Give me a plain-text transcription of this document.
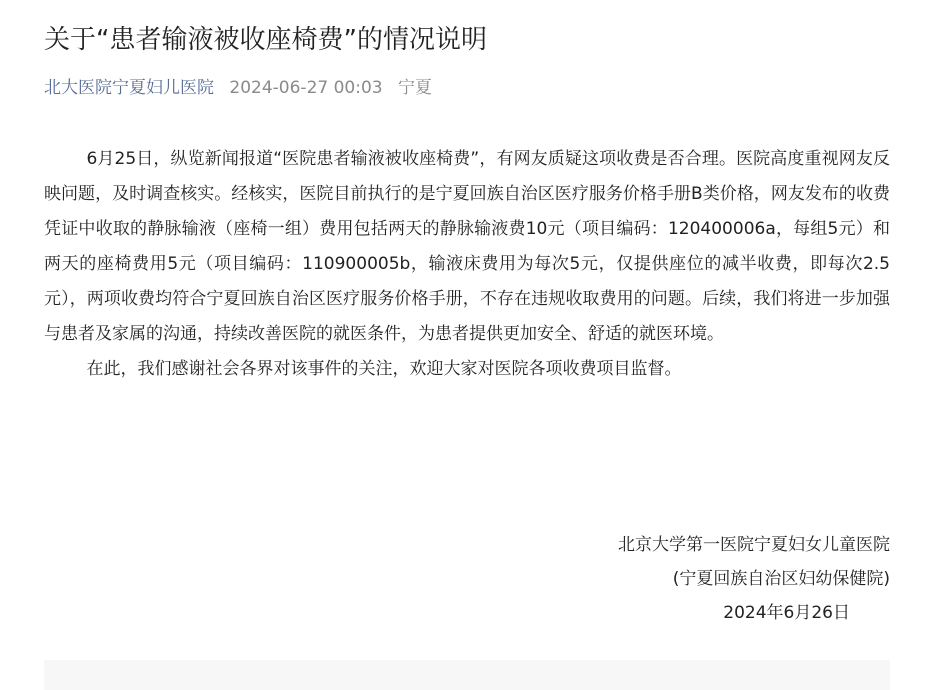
关于“患者输液被收座椅费”的情况说明
北大医院宁夏妇儿医院 2024-06-27 00:03 宁夏

6月25日，纵览新闻报道“医院患者输液被收座椅费”，有网友质疑这项收费是否合理。医院高度重视网友反映问题，及时调查核实。经核实，医院目前执行的是宁夏回族自治区医疗服务价格手册B类价格，网友发布的收费凭证中收取的静脉输液（座椅一组）费用包括两天的静脉输液费10元（项目编码：120400006a，每组5元）和两天的座椅费用5元（项目编码：110900005b，输液床费用为每次5元，仅提供座位的减半收费，即每次2.5元），两项收费均符合宁夏回族自治区医疗服务价格手册，不存在违规收取费用的问题。后续，我们将进一步加强与患者及家属的沟通，持续改善医院的就医条件，为患者提供更加安全、舒适的就医环境。

在此，我们感谢社会各界对该事件的关注，欢迎大家对医院各项收费项目监督。

北京大学第一医院宁夏妇女儿童医院
(宁夏回族自治区妇幼保健院)
2024年6月26日
